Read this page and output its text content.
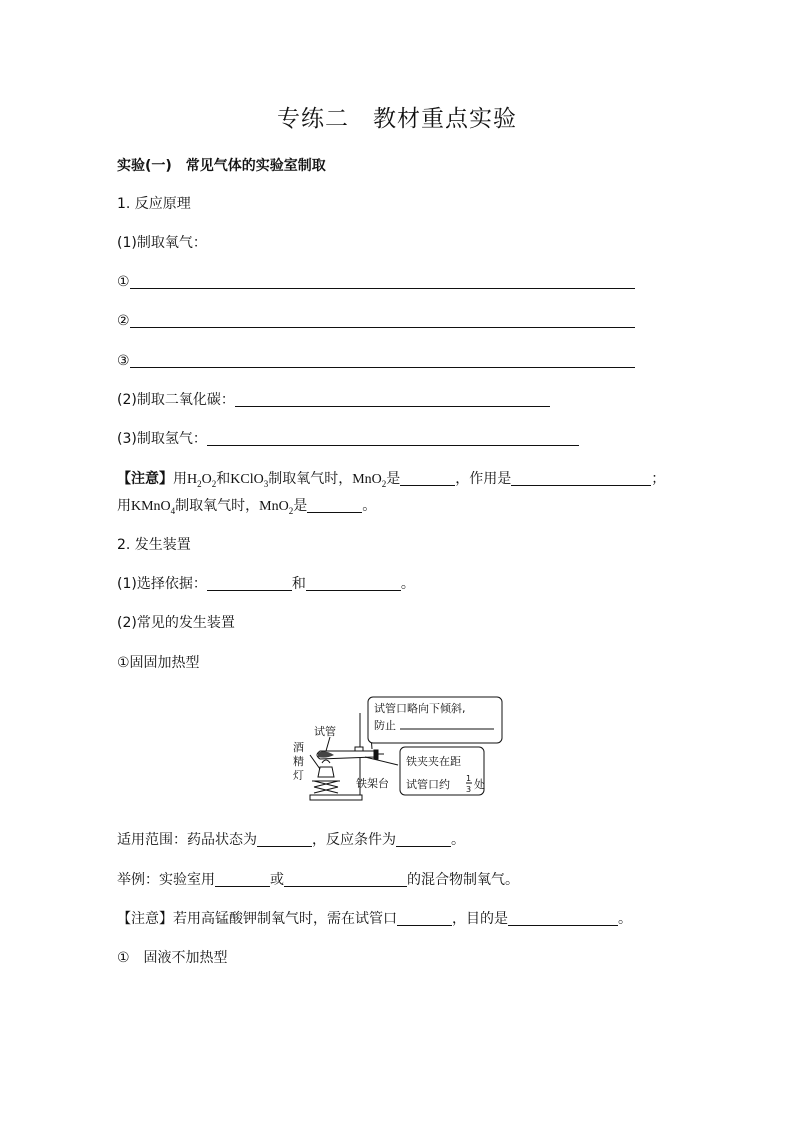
专练二　教材重点实验
实验(一)　常见气体的实验室制取
1. 反应原理
(1)制取氧气：
①
②
③
(2)制取二氧化碳：
(3)制取氢气：
【注意】用$H_2O_2$和KClO$_3$制取氧气时，MnO$_2$是	，作用是	；
用KMnO$_4$制取氧气时，MnO$_2$是	。
2. 发生装置
(1)选择依据：	和	。
(2)常见的发生装置
①固固加热型
试管
酒
精
灯
铁架台
试管口略向下倾斜,
防止
铁夹夹在距
试管口约 1
3 处
适用范围：药品状态为	，反应条件为	。
举例：实验室用	或	的混合物制氧气。
【注意】若用高锰酸钾制氧气时，需在试管口	，目的是	。
①　固液不加热型
